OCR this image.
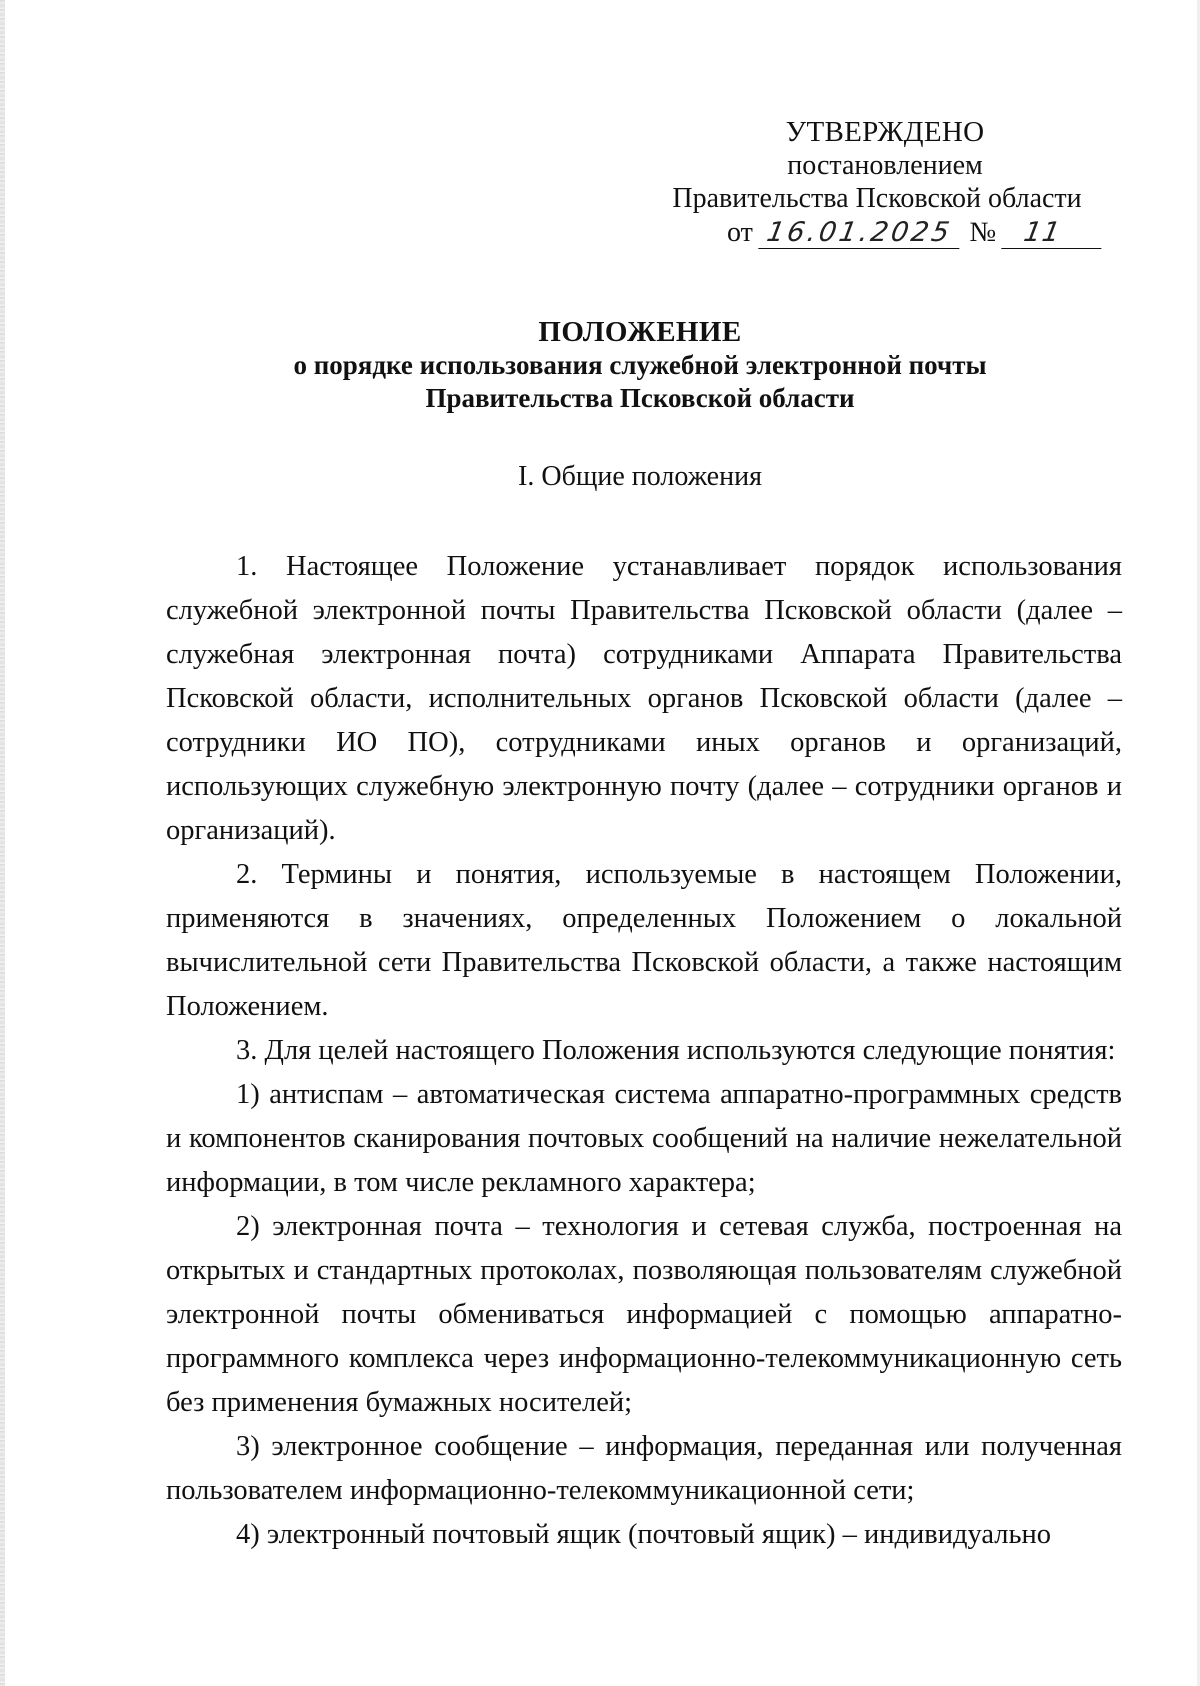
УТВЕРЖДЕНО
постановлением
Правительства Псковской области
от 16.01.2025 № 11
ПОЛОЖЕНИЕ
о порядке использования служебной электронной почты Правительства Псковской области
I. Общие положения

1. Настоящее Положение устанавливает порядок использования служебной электронной почты Правительства Псковской области (далее – служебная электронная почта) сотрудниками Аппарата Правительства Псковской области, исполнительных органов Псковской области (далее – сотрудники ИО ПО), сотрудниками иных органов и организаций, использующих служебную электронную почту (далее – сотрудники органов и организаций).

2. Термины и понятия, используемые в настоящем Положении, применяются в значениях, определенных Положением о локальной вычислительной сети Правительства Псковской области, а также настоящим Положением.

3. Для целей настоящего Положения используются следующие понятия:

1) антиспам – автоматическая система аппаратно-программных средств и компонентов сканирования почтовых сообщений на наличие нежелательной информации, в том числе рекламного характера;

2) электронная почта – технология и сетевая служба, построенная на открытых и стандартных протоколах, позволяющая пользователям служебной электронной почты обмениваться информацией с помощью аппаратно-программного комплекса через информационно-телекоммуникационную сеть без применения бумажных носителей;

3) электронное сообщение – информация, переданная или полученная пользователем информационно-телекоммуникационной сети;

4) электронный почтовый ящик (почтовый ящик) – индивидуально
